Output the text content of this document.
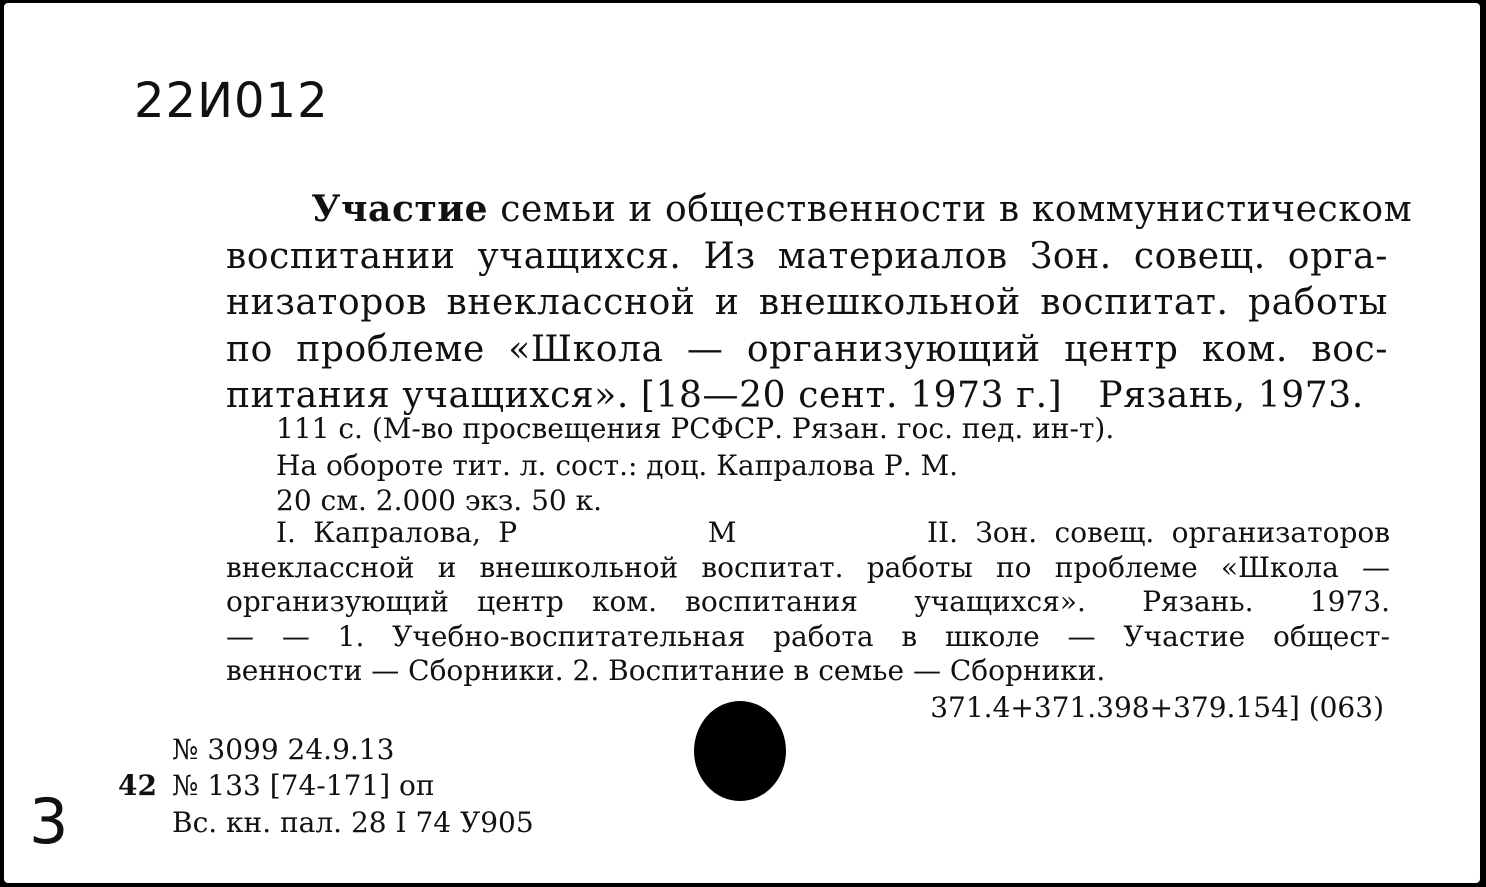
22И012
   Участие семьи и общественности в коммунистическом
воспитании учащихся. Из материалов Зон. совещ. орга-
низаторов внеклассной и внешкольной воспитат. работы
по проблеме «Школа — организующий центр ком. вос-
питания учащихся». [18—20 сент. 1973 г.]   Рязань, 1973.
111 с. (М-во просвещения РСФСР. Рязан. гос. пед. ин-т).
На обороте тит. л. сост.: доц. Капралова Р. М.
20 см. 2.000 экз. 50 к.
I. Капралова, Р           М           II. Зон. совещ. организаторов
внеклассной и внешкольной воспитат. работы по проблеме «Школа —
организующий центр ком. воспитания  учащихся».  Рязань.  1973.
— — 1. Учебно-воспитательная работа в школе — Участие общест-
венности — Сборники. 2. Воспитание в семье — Сборники.
371.4+371.398+379.154] (063)
№ 3099 24.9.13
42 № 133 [74-171] оп
Вс. кн. пал. 28 I 74 У905
3
